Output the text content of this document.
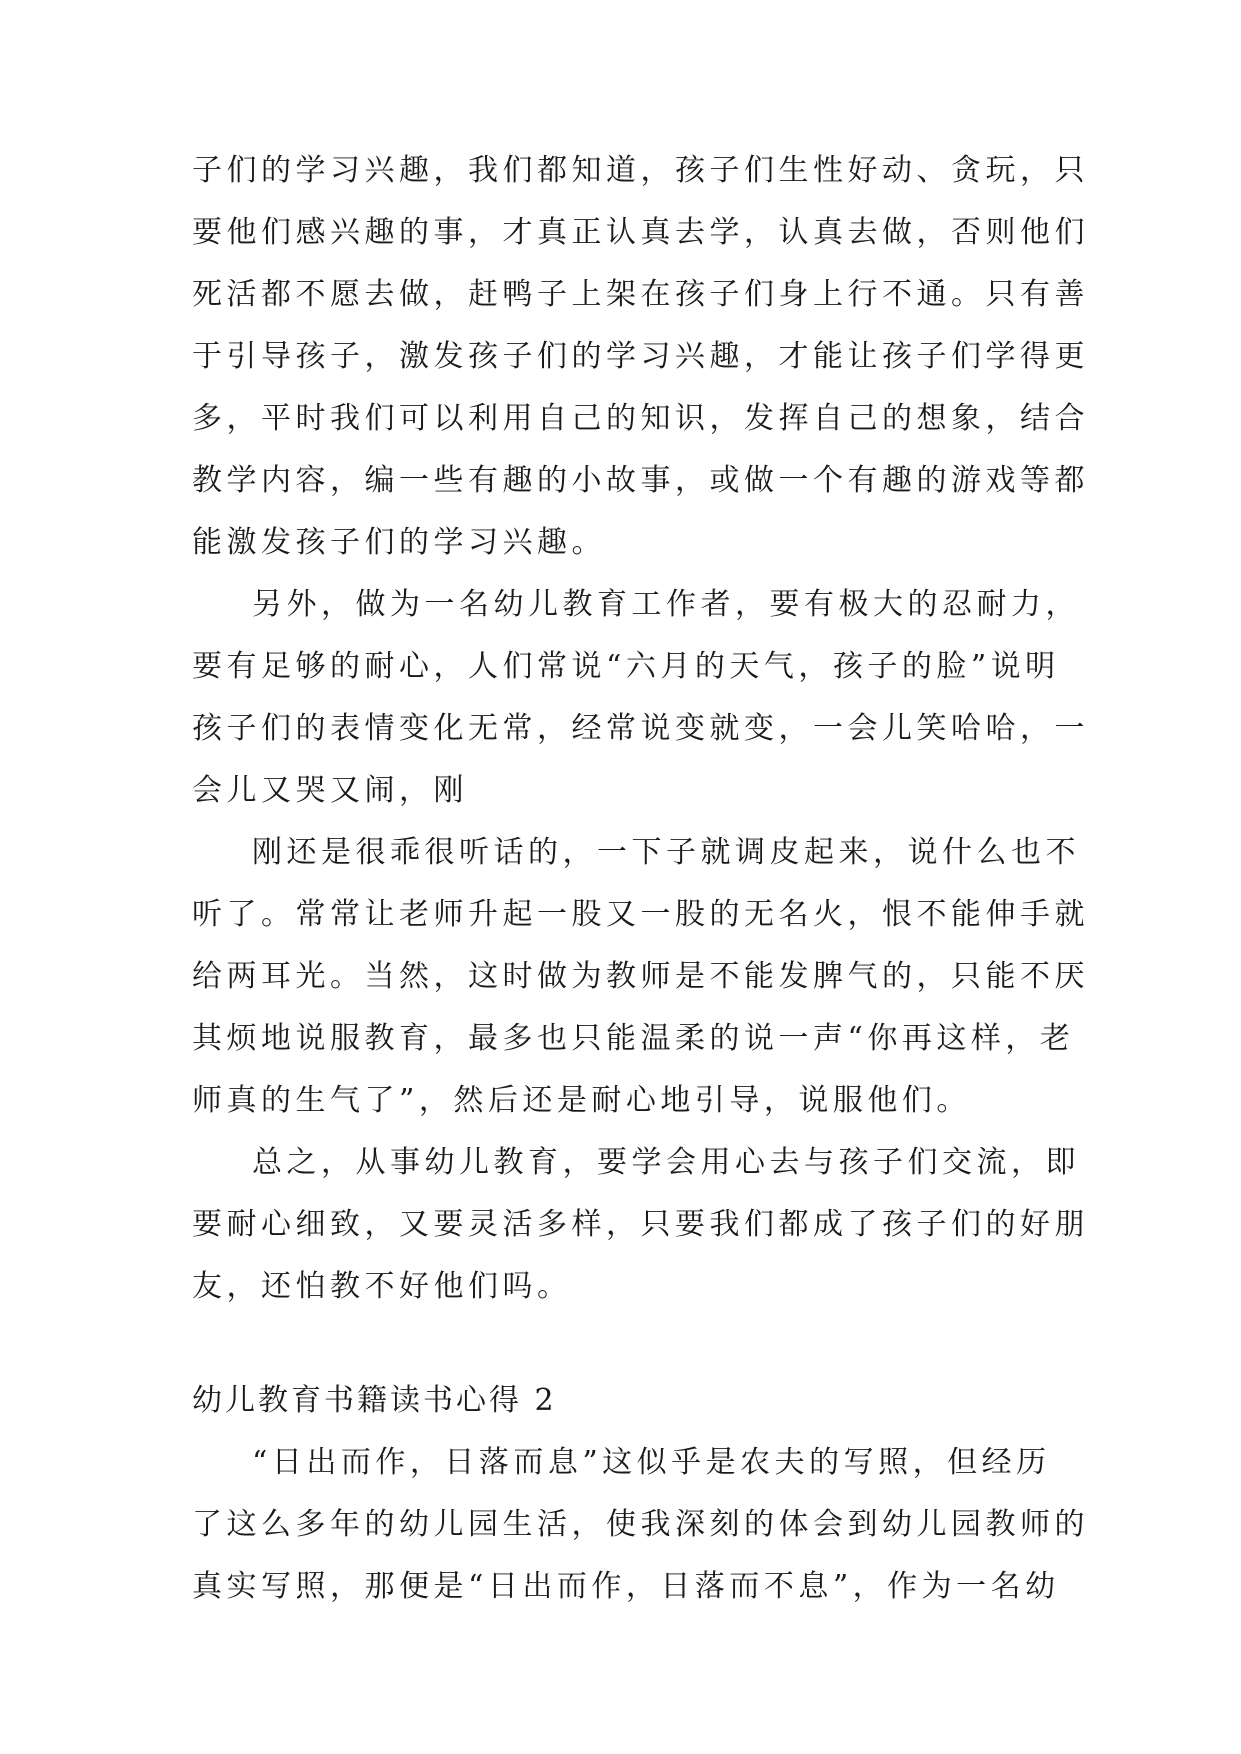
子们的学习兴趣，我们都知道，孩子们生性好动、贪玩，只
要他们感兴趣的事，才真正认真去学，认真去做，否则他们
死活都不愿去做，赶鸭子上架在孩子们身上行不通。只有善
于引导孩子，激发孩子们的学习兴趣，才能让孩子们学得更
多，平时我们可以利用自己的知识，发挥自己的想象，结合
教学内容，编一些有趣的小故事，或做一个有趣的游戏等都
能激发孩子们的学习兴趣。
另外，做为一名幼儿教育工作者，要有极大的忍耐力，
要有足够的耐心，人们常说“六月的天气，孩子的脸”说明
孩子们的表情变化无常，经常说变就变，一会儿笑哈哈，一
会儿又哭又闹，刚
刚还是很乖很听话的，一下子就调皮起来，说什么也不
听了。常常让老师升起一股又一股的无名火，恨不能伸手就
给两耳光。当然，这时做为教师是不能发脾气的，只能不厌
其烦地说服教育，最多也只能温柔的说一声“你再这样，老
师真的生气了”，然后还是耐心地引导，说服他们。
总之，从事幼儿教育，要学会用心去与孩子们交流，即
要耐心细致，又要灵活多样，只要我们都成了孩子们的好朋
友，还怕教不好他们吗。
幼儿教育书籍读书心得 2
“日出而作，日落而息”这似乎是农夫的写照，但经历
了这么多年的幼儿园生活，使我深刻的体会到幼儿园教师的
真实写照，那便是“日出而作，日落而不息”，作为一名幼
